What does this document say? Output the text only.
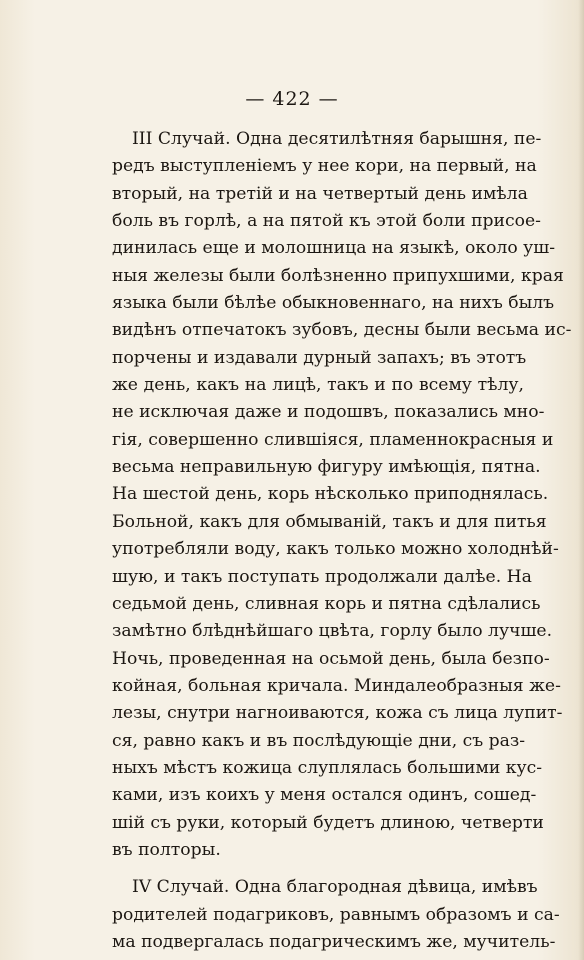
— 422 —
III Случай. Одна десятилѣтняя барышня, пе-
редъ выступленіемъ у нее кори, на первый, на
вторый, на третій и на четвертый день имѣла
боль въ горлѣ, а на пятой къ этой боли присое-
динилась еще и молошница на языкѣ, около уш-
ныя железы были болѣзненно припухшими, края
языка были бѣлѣе обыкновеннаго, на нихъ былъ
видѣнъ отпечатокъ зубовъ, десны были весьма ис-
порчены и издавали дурный запахъ; въ этотъ
же день, какъ на лицѣ, такъ и по всему тѣлу,
не исключая даже и подошвъ, показались мно-
гія, совершенно слившіяся, пламеннокрасныя и
весьма неправильную фигуру имѣющія, пятна.
На шестой день, корь нѣсколько приподнялась.
Больной, какъ для обмываній, такъ и для питья
употребляли воду, какъ только можно холоднѣй-
шую, и такъ поступать продолжали далѣе. На
седьмой день, сливная корь и пятна сдѣлались
замѣтно блѣднѣйшаго цвѣта, горлу было лучше.
Ночь, проведенная на осьмой день, была безпо-
койная, больная кричала. Миндалеобразныя же-
лезы, снутри нагноиваются, кожа съ лица лупит-
ся, равно какъ и въ послѣдующіе дни, съ раз-
ныхъ мѣстъ кожица слуплялась большими кус-
ками, изъ коихъ у меня остался одинъ, сошед-
шій съ руки, который будетъ длиною, четверти
въ полторы.
IV Случай. Одна благородная дѣвица, имѣвъ
родителей подагриковъ, равнымъ образомъ и са-
ма подвергалась подагрическимъ же, мучитель-
